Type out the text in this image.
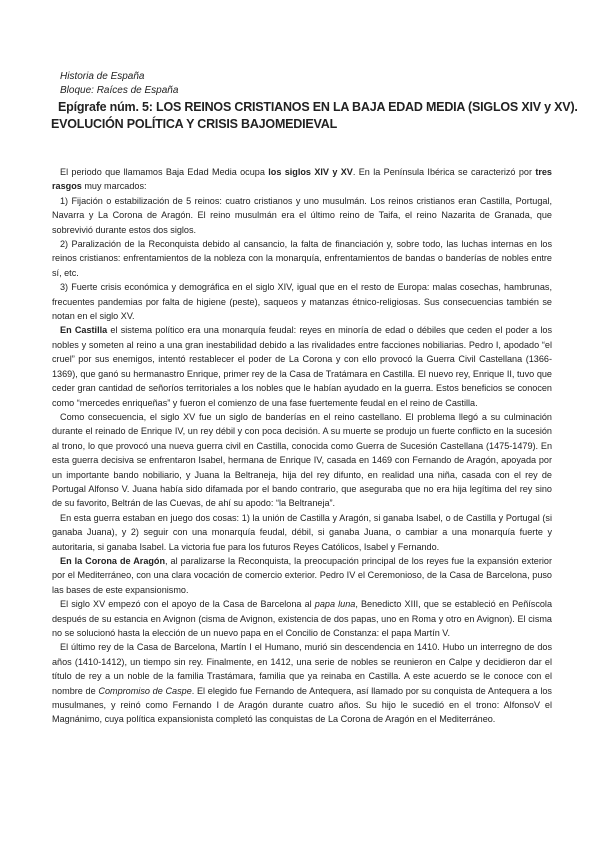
Historia de España
Bloque: Raíces de España
Epígrafe núm. 5: LOS REINOS CRISTIANOS EN LA BAJA EDAD MEDIA (SIGLOS XIV y XV).
EVOLUCIÓN POLÍTICA Y CRISIS BAJOMEDIEVAL

El periodo que llamamos Baja Edad Media ocupa los siglos XIV y XV. En la Península Ibérica se caracterizó por tres rasgos muy marcados:

1) Fijación o estabilización de 5 reinos: cuatro cristianos y uno musulmán. Los reinos cristianos eran Castilla, Portugal, Navarra y La Corona de Aragón. El reino musulmán era el último reino de Taifa, el reino Nazarita de Granada, que sobrevivió durante estos dos siglos.

2) Paralización de la Reconquista debido al cansancio, la falta de financiación y, sobre todo, las luchas internas en los reinos cristianos: enfrentamientos de la nobleza con la monarquía, enfrentamientos de bandas o banderías de nobles entre sí, etc.

3) Fuerte crisis económica y demográfica en el siglo XIV, igual que en el resto de Europa: malas cosechas, hambrunas, frecuentes pandemias por falta de higiene (peste), saqueos y matanzas étnico-religiosas. Sus consecuencias también se notan en el siglo XV.

En Castilla el sistema político era una monarquía feudal: reyes en minoría de edad o débiles que ceden el poder a los nobles y someten al reino a una gran inestabilidad debido a las rivalidades entre facciones nobiliarias. Pedro I, apodado “el cruel” por sus enemigos, intentó restablecer el poder de La Corona y con ello provocó la Guerra Civil Castellana (1366-1369), que ganó su hermanastro Enrique, primer rey de la Casa de Tratámara en Castilla. El nuevo rey, Enrique II, tuvo que ceder gran cantidad de señoríos territoriales a los nobles que le habían ayudado en la guerra. Estos beneficios se conocen como “mercedes enriqueñas” y fueron el comienzo de una fase fuertemente feudal en el reino de Castilla.

Como consecuencia, el siglo XV fue un siglo de banderías en el reino castellano. El problema llegó a su culminación durante el reinado de Enrique IV, un rey débil y con poca decisión. A su muerte se produjo un fuerte conflicto en la sucesión al trono, lo que provocó una nueva guerra civil en Castilla, conocida como Guerra de Sucesión Castellana (1475-1479). En esta guerra decisiva se enfrentaron Isabel, hermana de Enrique IV, casada en 1469 con Fernando de Aragón, apoyada por un importante bando nobiliario, y Juana la Beltraneja, hija del rey difunto, en realidad una niña, casada con el rey de Portugal Alfonso V. Juana había sido difamada por el bando contrario, que aseguraba que no era hija legítima del rey sino de su favorito, Beltrán de las Cuevas, de ahí su apodo: “la Beltraneja”.

En esta guerra estaban en juego dos cosas: 1) la unión de Castilla y Aragón, si ganaba Isabel, o de Castilla y Portugal (si ganaba Juana), y 2) seguir con una monarquía feudal, débil, si ganaba Juana, o cambiar a una monarquía fuerte y autoritaria, si ganaba Isabel. La victoria fue para los futuros Reyes Católicos, Isabel y Fernando.

En la Corona de Aragón, al paralizarse la Reconquista, la preocupación principal de los reyes fue la expansión exterior por el Mediterráneo, con una clara vocación de comercio exterior. Pedro IV el Ceremonioso, de la Casa de Barcelona, puso las bases de este expansionismo.

El siglo XV empezó con el apoyo de la Casa de Barcelona al papa luna, Benedicto XIII, que se estableció en Peñíscola después de su estancia en Avignon (cisma de Avignon, existencia de dos papas, uno en Roma y otro en Avignon). El cisma no se solucionó hasta la elección de un nuevo papa en el Concilio de Constanza: el papa Martín V.

El último rey de la Casa de Barcelona, Martín I el Humano, murió sin descendencia en 1410. Hubo un interregno de dos años (1410-1412), un tiempo sin rey. Finalmente, en 1412, una serie de nobles se reunieron en Calpe y decidieron dar el título de rey a un noble de la familia Trastámara, familia que ya reinaba en Castilla. A este acuerdo se le conoce con el nombre de Compromiso de Caspe. El elegido fue Fernando de Antequera, así llamado por su conquista de Antequera a los musulmanes, y reinó como Fernando I de Aragón durante cuatro años. Su hijo le sucedió en el trono: AlfonsoV el Magnánimo, cuya política expansionista completó las conquistas de La Corona de Aragón en el Mediterráneo.
